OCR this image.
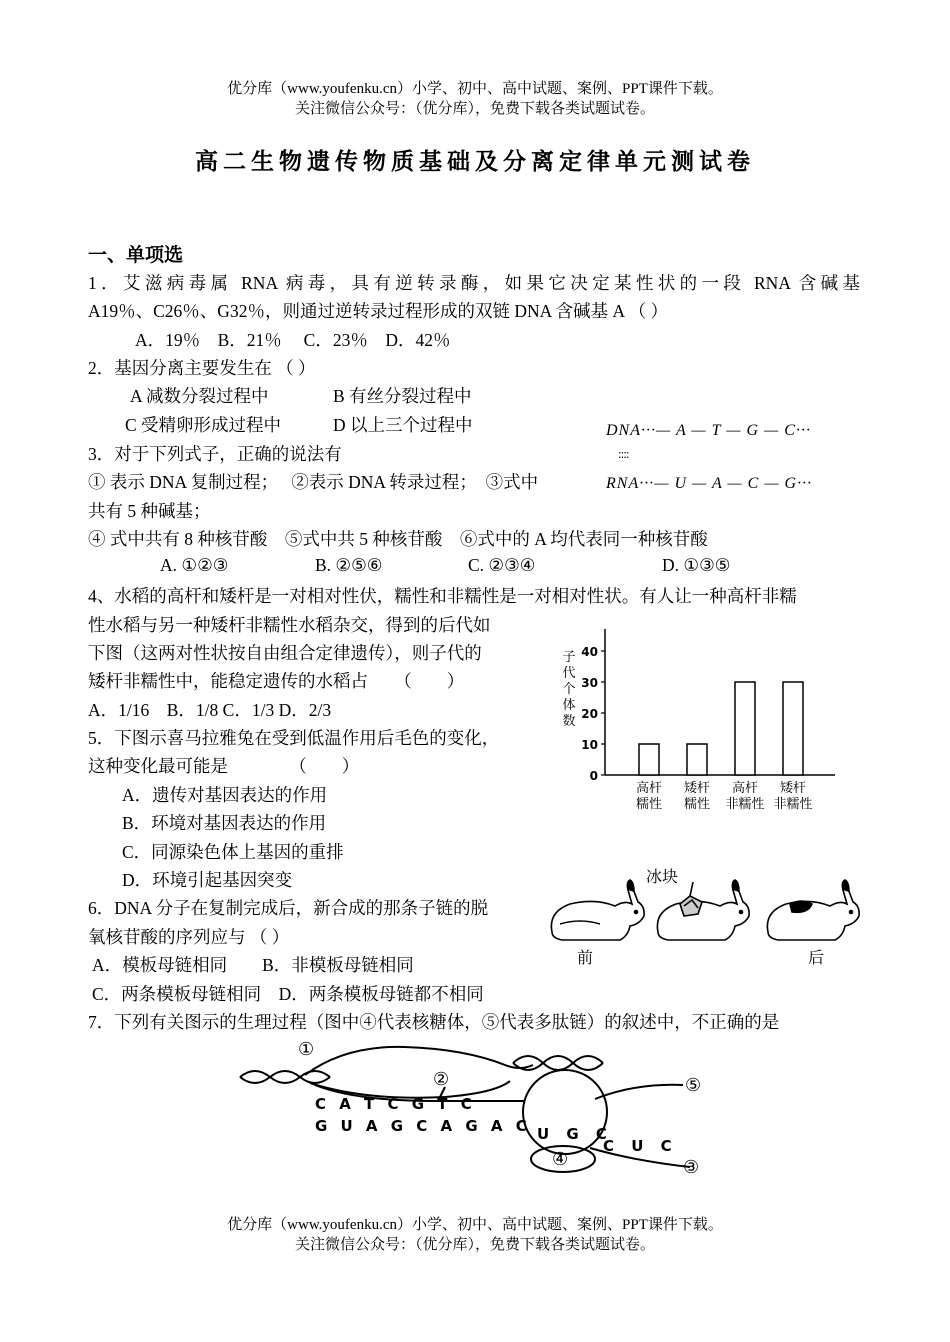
优分库（www.youfenku.cn）小学、初中、高中试题、案例、PPT课件下载。
关注微信公众号：（优分库），免费下载各类试题试卷。
高二生物遗传物质基础及分离定律单元测试卷
一、单项选
1．艾滋病毒属 RNA 病毒，具有逆转录酶，如果它决定某性状的一段 RNA 含碱基
A19％、C26％、G32％，则通过逆转录过程形成的双链 DNA 含碱基 A （ ）
A．19％　B．21％　 C．23％　D．42％
2．基因分离主要发生在 （ ）
A 减数分裂过程中	B 有丝分裂过程中
C 受精卵形成过程中	D 以上三个过程中
3．对于下列式子，正确的说法有
① 表示 DNA 复制过程；　 ②表示 DNA 转录过程；　③式中
共有 5 种碱基；
④ 式中共有 8 种核苷酸　⑤式中共 5 种核苷酸　⑥式中的 A 均代表同一种核苷酸
A. ①②③	B. ②⑤⑥	C. ②③④	D. ①③⑤
DNA···— A — T — G — C···
::::
RNA···— U — A — C — G···
4、水稻的高杆和矮杆是一对相对性伏，糯性和非糯性是一对相对性状。有人让一种高杆非糯
性水稻与另一种矮杆非糯性水稻杂交，得到的后代如
下图（这两对性状按自由组合定律遗传），则子代的
矮杆非糯性中，能稳定遗传的水稻占　　（　　）
A．1/16　B．1/8 C．1/3 D．2/3
0
10
20
30
40
子
代
个
体
数
高杆
糯性
矮杆
糯性
高杆
非糯性
矮杆
非糯性
5．下图示喜马拉雅兔在受到低温作用后毛色的变化，
这种变化最可能是　　　　（　　）
A．遗传对基因表达的作用
B．环境对基因表达的作用
C．同源染色体上基因的重排
D．环境引起基因突变	冰块
前	后
6．DNA 分子在复制完成后，新合成的那条子链的脱
氧核苷酸的序列应与 （ ）
A．模板母链相同　　B．非模板母链相同
C．两条模板母链相同　D．两条模板母链都不相同
7．下列有关图示的生理过程（图中④代表核糖体，⑤代表多肽链）的叙述中，不正确的是
①
②	⑤
④	③
C A T C G T C
G U A G C A G A C U G C
C U C
优分库（www.youfenku.cn）小学、初中、高中试题、案例、PPT课件下载。
关注微信公众号：（优分库），免费下载各类试题试卷。
